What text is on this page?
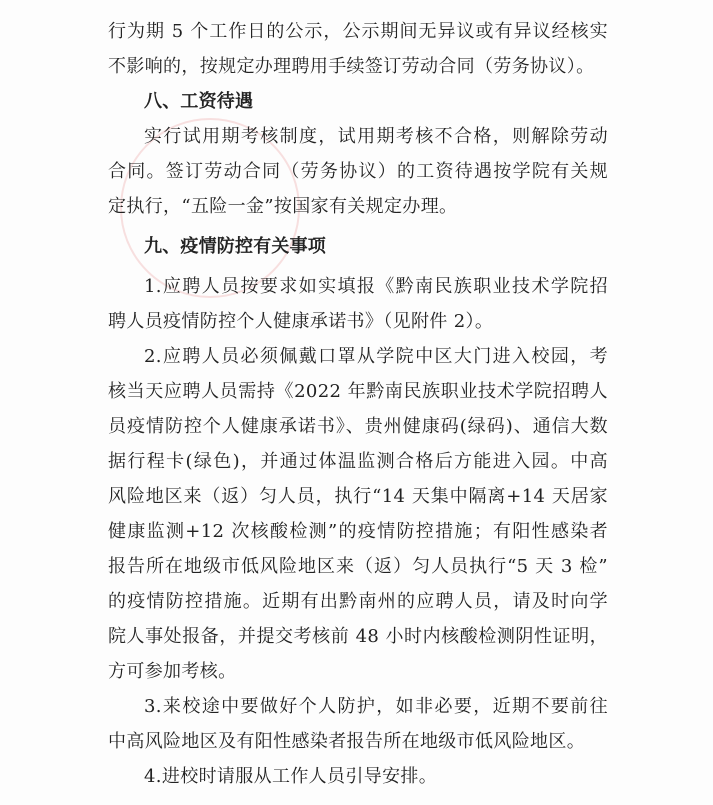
行为期 5 个工作日的公示，公示期间无异议或有异议经核实
不影响的，按规定办理聘用手续签订劳动合同（劳务协议）。
八、工资待遇
实行试用期考核制度，试用期考核不合格，则解除劳动
合同。签订劳动合同（劳务协议）的工资待遇按学院有关规
定执行，“五险一金”按国家有关规定办理。
九、疫情防控有关事项
1.应聘人员按要求如实填报《黔南民族职业技术学院招
聘人员疫情防控个人健康承诺书》（见附件 2）。
2.应聘人员必须佩戴口罩从学院中区大门进入校园，考
核当天应聘人员需持《2022 年黔南民族职业技术学院招聘人
员疫情防控个人健康承诺书》、贵州健康码(绿码)、通信大数
据行程卡(绿色)，并通过体温监测合格后方能进入园。中高
风险地区来（返）匀人员，执行“14 天集中隔离+14 天居家
健康监测+12 次核酸检测”的疫情防控措施；有阳性感染者
报告所在地级市低风险地区来（返）匀人员执行“5 天 3 检”
的疫情防控措施。近期有出黔南州的应聘人员，请及时向学
院人事处报备，并提交考核前 48 小时内核酸检测阴性证明，
方可参加考核。
3.来校途中要做好个人防护，如非必要，近期不要前往
中高风险地区及有阳性感染者报告所在地级市低风险地区。
4.进校时请服从工作人员引导安排。
